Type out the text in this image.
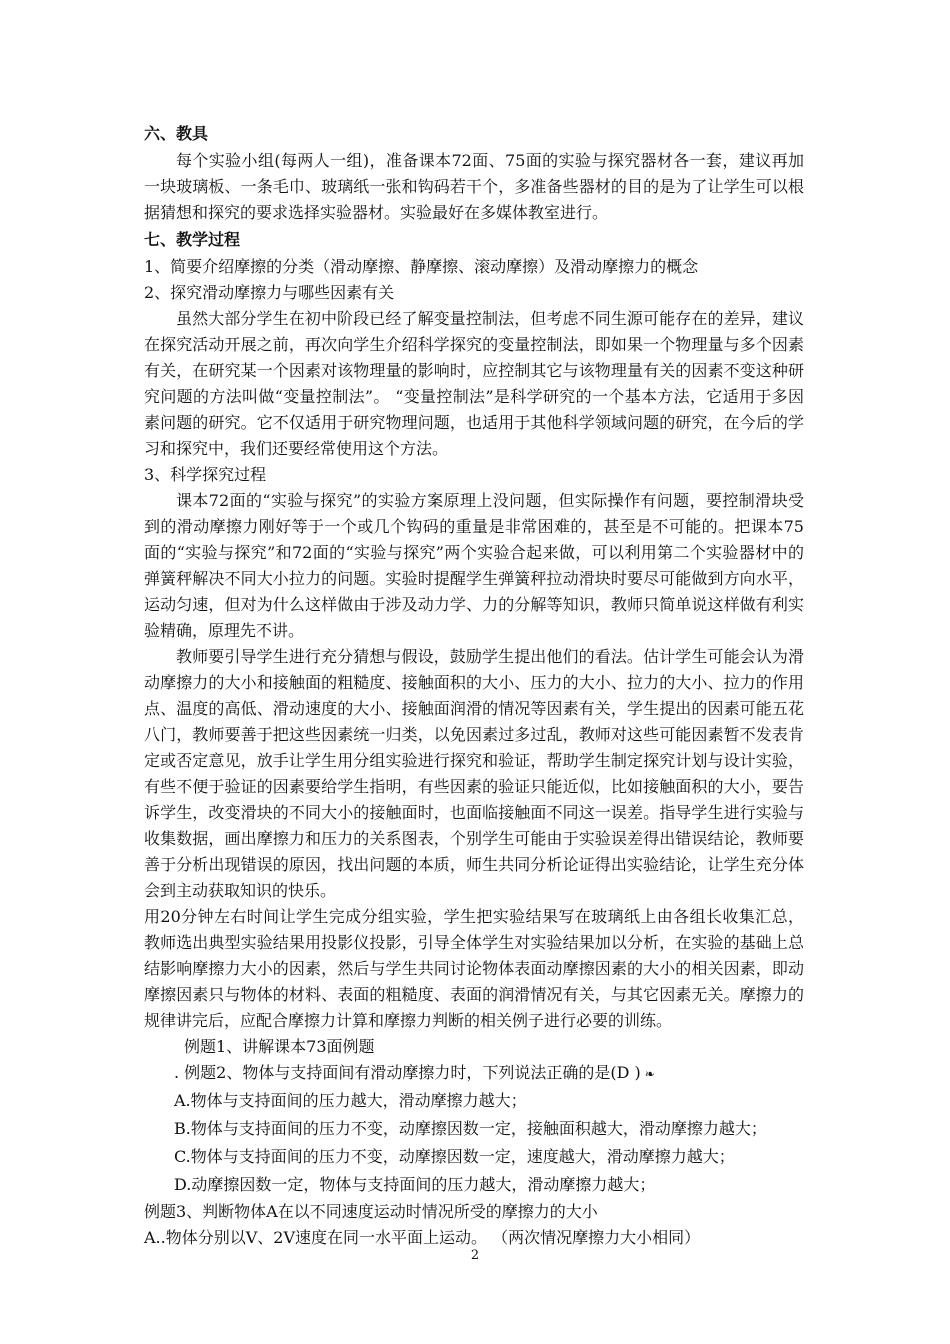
六、教具

每个实验小组(每两人一组)，准备课本72面、75面的实验与探究器材各一套，建议再加一块玻璃板、一条毛巾、玻璃纸一张和钩码若干个，多准备些器材的目的是为了让学生可以根据猜想和探究的要求选择实验器材。实验最好在多媒体教室进行。

七、教学过程

1、简要介绍摩擦的分类（滑动摩擦、静摩擦、滚动摩擦）及滑动摩擦力的概念

2、探究滑动摩擦力与哪些因素有关

虽然大部分学生在初中阶段已经了解变量控制法，但考虑不同生源可能存在的差异，建议在探究活动开展之前，再次向学生介绍科学探究的变量控制法，即如果一个物理量与多个因素有关，在研究某一个因素对该物理量的影响时，应控制其它与该物理量有关的因素不变这种研究问题的方法叫做“变量控制法”。 “变量控制法”是科学研究的一个基本方法，它适用于多因素问题的研究。它不仅适用于研究物理问题，也适用于其他科学领域问题的研究，在今后的学习和探究中，我们还要经常使用这个方法。

3、科学探究过程

课本72面的“实验与探究”的实验方案原理上没问题，但实际操作有问题，要控制滑块受到的滑动摩擦力刚好等于一个或几个钩码的重量是非常困难的，甚至是不可能的。把课本75面的“实验与探究”和72面的“实验与探究”两个实验合起来做，可以利用第二个实验器材中的弹簧秤解决不同大小拉力的问题。实验时提醒学生弹簧秤拉动滑块时要尽可能做到方向水平，运动匀速，但对为什么这样做由于涉及动力学、力的分解等知识，教师只简单说这样做有利实验精确，原理先不讲。

教师要引导学生进行充分猜想与假设，鼓励学生提出他们的看法。估计学生可能会认为滑动摩擦力的大小和接触面的粗糙度、接触面积的大小、压力的大小、拉力的大小、拉力的作用点、温度的高低、滑动速度的大小、接触面润滑的情况等因素有关，学生提出的因素可能五花八门，教师要善于把这些因素统一归类，以免因素过多过乱，教师对这些可能因素暂不发表肯定或否定意见，放手让学生用分组实验进行探究和验证，帮助学生制定探究计划与设计实验，有些不便于验证的因素要给学生指明，有些因素的验证只能近似，比如接触面积的大小，要告诉学生，改变滑块的不同大小的接触面时，也面临接触面不同这一误差。指导学生进行实验与收集数据，画出摩擦力和压力的关系图表，个别学生可能由于实验误差得出错误结论，教师要善于分析出现错误的原因，找出问题的本质，师生共同分析论证得出实验结论，让学生充分体会到主动获取知识的快乐。

用20分钟左右时间让学生完成分组实验，学生把实验结果写在玻璃纸上由各组长收集汇总，教师选出典型实验结果用投影仪投影，引导全体学生对实验结果加以分析，在实验的基础上总结影响摩擦力大小的因素，然后与学生共同讨论物体表面动摩擦因素的大小的相关因素，即动摩擦因素只与物体的材料、表面的粗糙度、表面的润滑情况有关，与其它因素无关。摩擦力的规律讲完后，应配合摩擦力计算和摩擦力判断的相关例子进行必要的训练。

例题1、讲解课本73面例题

. 例题2、物体与支持面间有滑动摩擦力时，下列说法正确的是(D ) ❧

A.物体与支持面间的压力越大，滑动摩擦力越大；

B.物体与支持面间的压力不变，动摩擦因数一定，接触面积越大，滑动摩擦力越大；

C.物体与支持面间的压力不变，动摩擦因数一定，速度越大，滑动摩擦力越大；

D.动摩擦因数一定，物体与支持面间的压力越大，滑动摩擦力越大；

例题3、判断物体A在以不同速度运动时情况所受的摩擦力的大小

A..物体分别以V、2V速度在同一水平面上运动。 （两次情况摩擦力大小相同）

2
